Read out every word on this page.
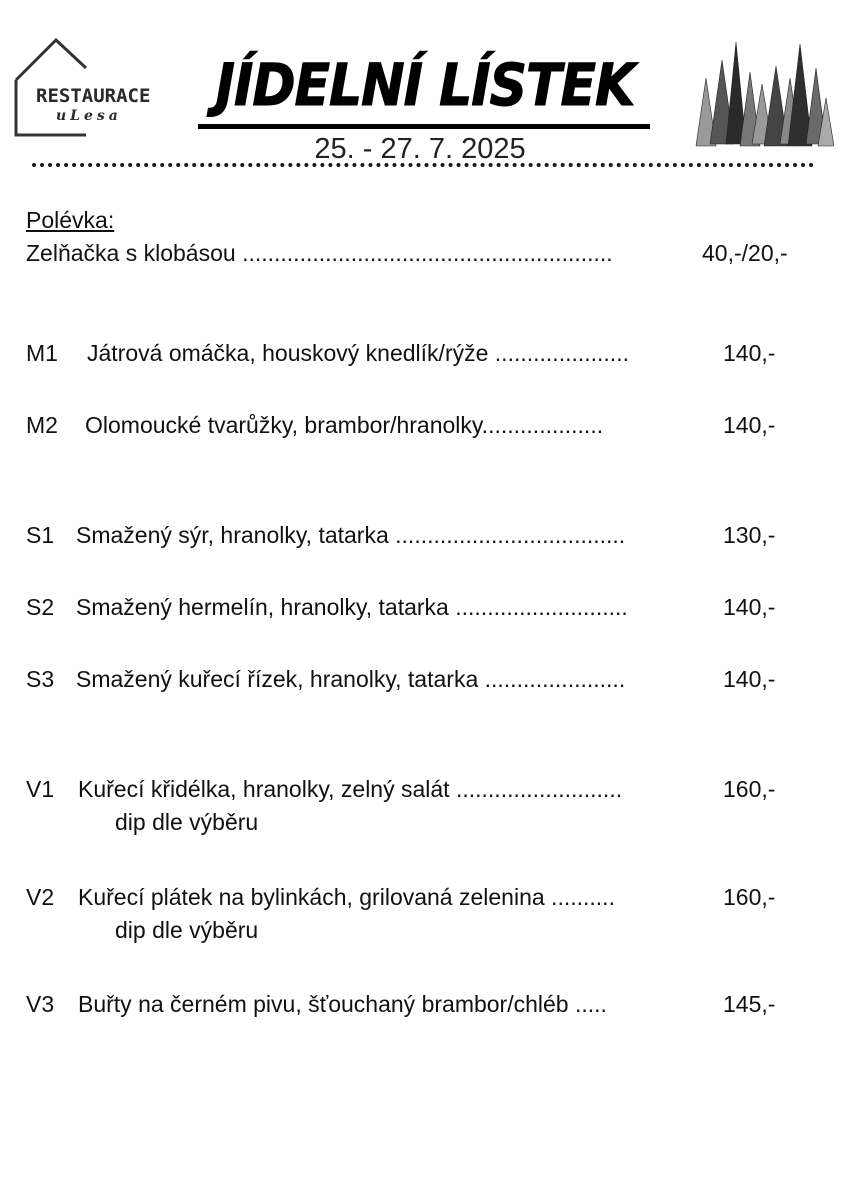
RESTAURACE
uLesa	JÍDELNÍ LÍSTEK
25. - 27. 7. 2025
Polévka:
Zelňačka s klobásou ..........................................................	40,-/20,-
M1 Játrová omáčka, houskový knedlík/rýže .....................	140,-
M2 Olomoucké tvarůžky, brambor/hranolky...................	140,-
S1 Smažený sýr, hranolky, tatarka ....................................	130,-
S2 Smažený hermelín, hranolky, tatarka ...........................	140,-
S3 Smažený kuřecí řízek, hranolky, tatarka ......................	140,-
V1 Kuřecí křidélka, hranolky, zelný salát ..........................	160,-
dip dle výběru
V2 Kuřecí plátek na bylinkách, grilovaná zelenina ..........	160,-
dip dle výběru
V3 Buřty na černém pivu, šťouchaný brambor/chléb .....	145,-
